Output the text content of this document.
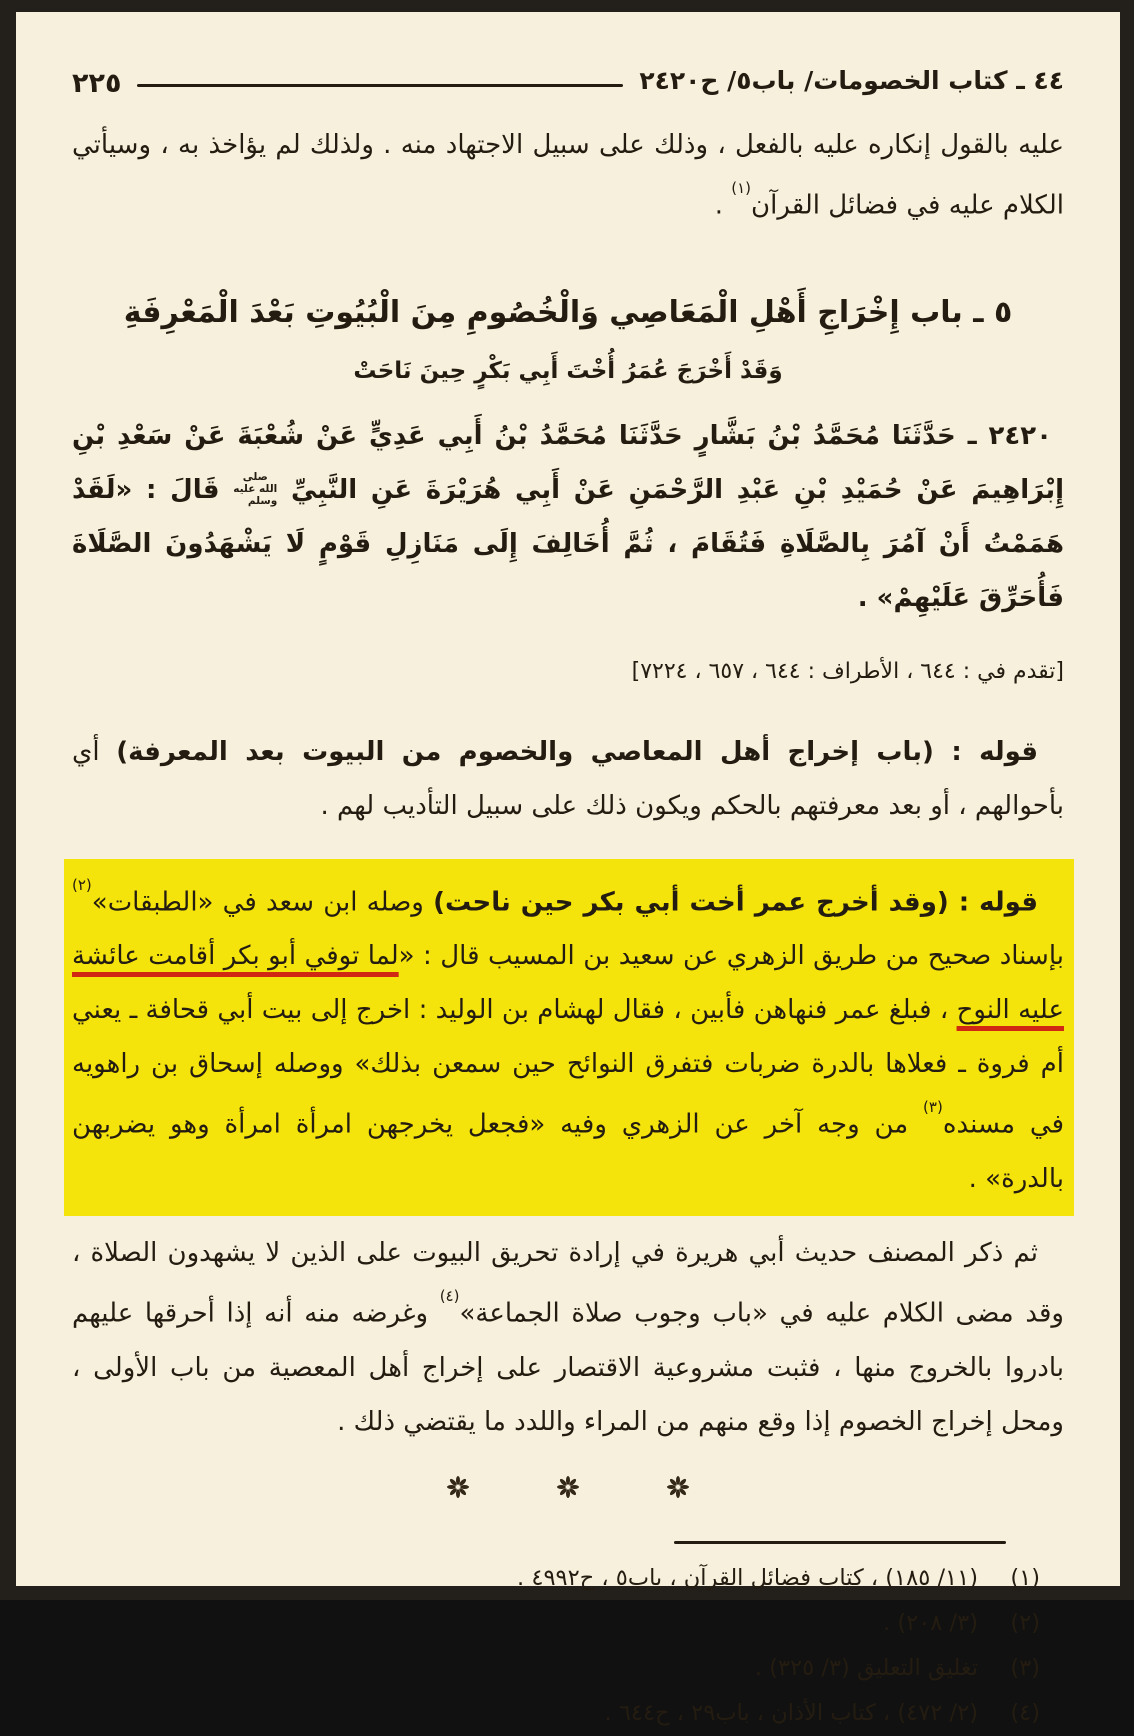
٤٤ ـ كتاب الخصومات/ باب٥/ ح٢٤٢٠
٢٢٥

عليه بالقول إنكاره عليه بالفعل ، وذلك على سبيل الاجتهاد منه . ولذلك لم يؤاخذ به ، وسيأتي الكلام عليه في فضائل القرآن$^{(١)}$ .

٥ ـ باب إِخْرَاجِ أَهْلِ الْمَعَاصِي وَالْخُصُومِ مِنَ الْبُيُوتِ بَعْدَ الْمَعْرِفَةِ
وَقَدْ أَخْرَجَ عُمَرُ أُخْتَ أَبِي بَكْرٍ حِينَ نَاحَتْ

٢٤٢٠ ـ حَدَّثَنَا مُحَمَّدُ بْنُ بَشَّارٍ حَدَّثَنَا مُحَمَّدُ بْنُ أَبِي عَدِيٍّ عَنْ شُعْبَةَ عَنْ سَعْدِ بْنِ إِبْرَاهِيمَ عَنْ حُمَيْدِ بْنِ عَبْدِ الرَّحْمَنِ عَنْ أَبِي هُرَيْرَةَ عَنِ النَّبِيِّ صلى الله عليه وسلم قَالَ : «لَقَدْ هَمَمْتُ أَنْ آمُرَ بِالصَّلَاةِ فَتُقَامَ ، ثُمَّ أُخَالِفَ إِلَى مَنَازِلِ قَوْمٍ لَا يَشْهَدُونَ الصَّلَاةَ فَأُحَرِّقَ عَلَيْهِمْ» .

[تقدم في : ٦٤٤ ، الأطراف : ٦٤٤ ، ٦٥٧ ، ٧٢٢٤]

قوله : (باب إخراج أهل المعاصي والخصوم من البيوت بعد المعرفة) أي بأحوالهم ، أو بعد معرفتهم بالحكم ويكون ذلك على سبيل التأديب لهم .

قوله : (وقد أخرج عمر أخت أبي بكر حين ناحت) وصله ابن سعد في «الطبقات»$^{(٢)}$ بإسناد صحيح من طريق الزهري عن سعيد بن المسيب قال : «لما توفي أبو بكر أقامت عائشة عليه النوح ، فبلغ عمر فنهاهن فأبين ، فقال لهشام بن الوليد : اخرج إلى بيت أبي قحافة ـ يعني أم فروة ـ فعلاها بالدرة ضربات فتفرق النوائح حين سمعن بذلك» ووصله إسحاق بن راهويه في مسنده$^{(٣)}$ من وجه آخر عن الزهري وفيه «فجعل يخرجهن امرأة امرأة وهو يضربهن بالدرة» .

ثم ذكر المصنف حديث أبي هريرة في إرادة تحريق البيوت على الذين لا يشهدون الصلاة ، وقد مضى الكلام عليه في «باب وجوب صلاة الجماعة»$^{(٤)}$ وغرضه منه أنه إذا أحرقها عليهم بادروا بالخروج منها ، فثبت مشروعية الاقتصار على إخراج أهل المعصية من باب الأولى ، ومحل إخراج الخصوم إذا وقع منهم من المراء واللدد ما يقتضي ذلك .

(١)
(١١/ ١٨٥) ، كتاب فضائل القرآن ، باب٥ ، ح٤٩٩٢ .
(٢)
(٣/ ٢٠٨) .
(٣)
تغليق التعليق (٣/ ٣٢٥) .
(٤)
(٢/ ٤٧٢) ، كتاب الأذان ، باب٢٩ ، ح٦٤٤ .
